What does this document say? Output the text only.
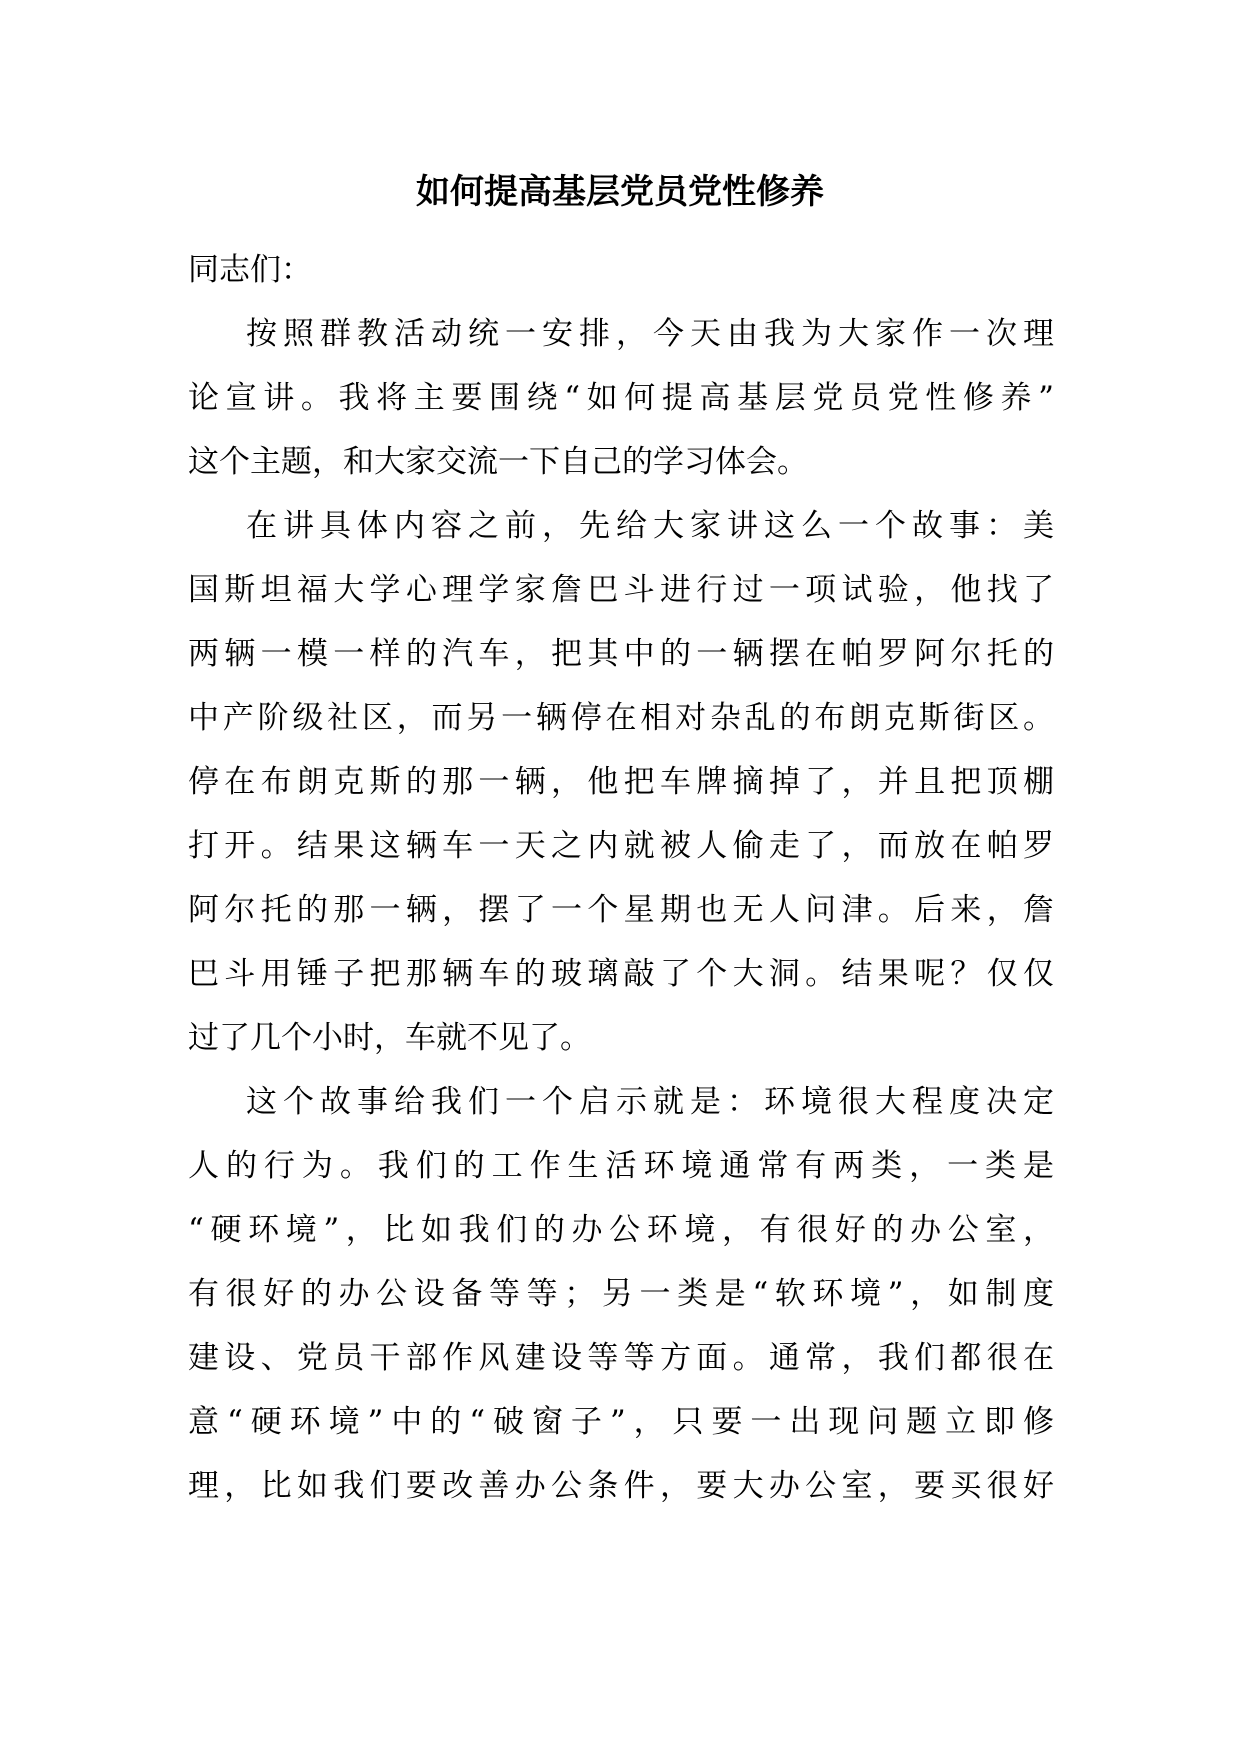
如何提高基层党员党性修养
同志们：
按照群教活动统一安排，今天由我为大家作一次理
论宣讲。我将主要围绕“如何提高基层党员党性修养”
这个主题，和大家交流一下自己的学习体会。
在讲具体内容之前，先给大家讲这么一个故事：美
国斯坦福大学心理学家詹巴斗进行过一项试验，他找了
两辆一模一样的汽车，把其中的一辆摆在帕罗阿尔托的
中产阶级社区，而另一辆停在相对杂乱的布朗克斯街区。
停在布朗克斯的那一辆，他把车牌摘掉了，并且把顶棚
打开。结果这辆车一天之内就被人偷走了，而放在帕罗
阿尔托的那一辆，摆了一个星期也无人问津。后来，詹
巴斗用锤子把那辆车的玻璃敲了个大洞。结果呢？仅仅
过了几个小时，车就不见了。
这个故事给我们一个启示就是：环境很大程度决定
人的行为。我们的工作生活环境通常有两类，一类是
“硬环境”，比如我们的办公环境，有很好的办公室，
有很好的办公设备等等；另一类是“软环境”，如制度
建设、党员干部作风建设等等方面。通常，我们都很在
意“硬环境”中的“破窗子”，只要一出现问题立即修
理，比如我们要改善办公条件，要大办公室，要买很好
